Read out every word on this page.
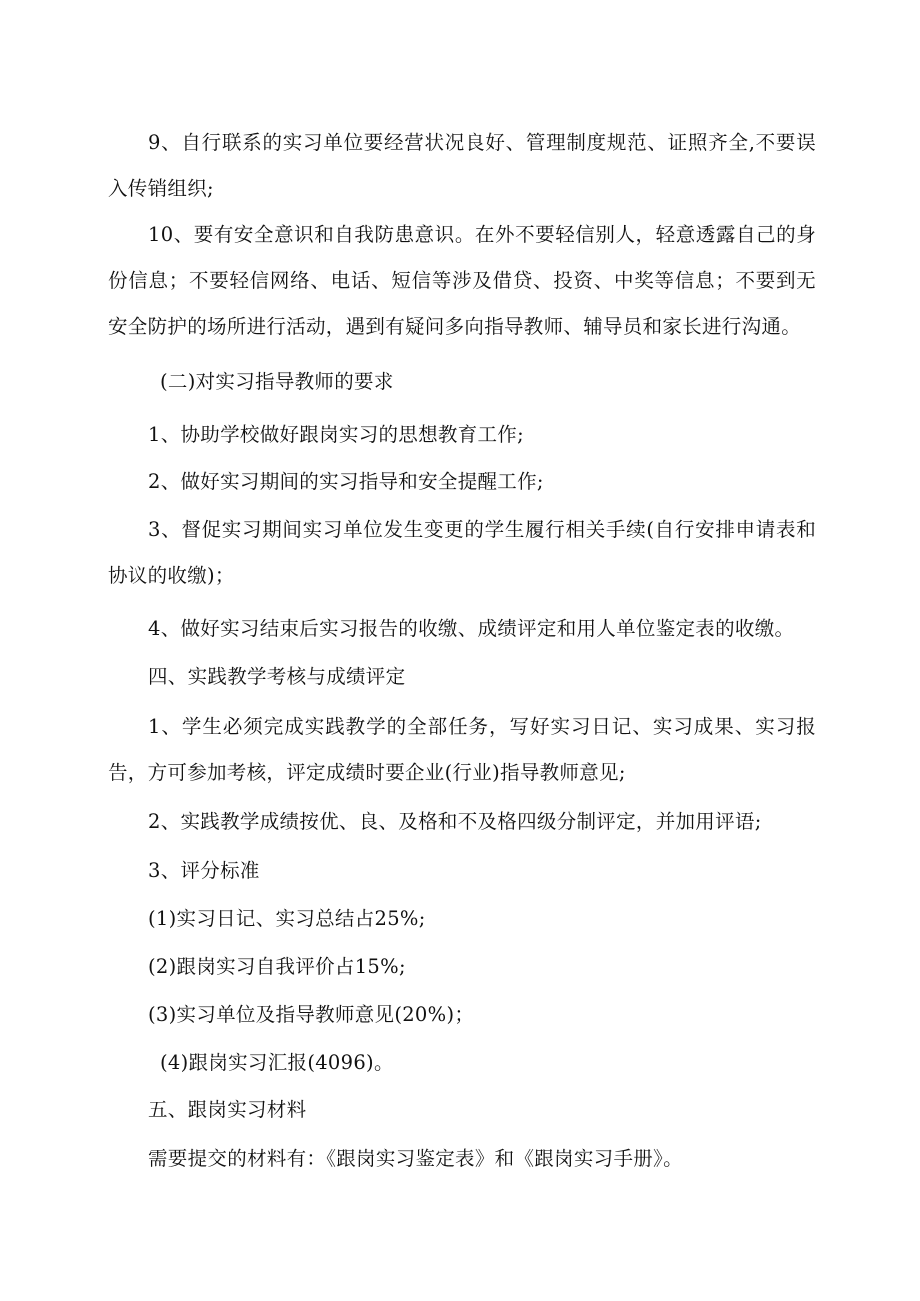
9、自行联系的实习单位要经营状况良好、管理制度规范、证照齐全,不要误入传销组织;

10、要有安全意识和自我防患意识。在外不要轻信别人，轻意透露自己的身份信息；不要轻信网络、电话、短信等涉及借贷、投资、中奖等信息；不要到无安全防护的场所进行活动，遇到有疑问多向指导教师、辅导员和家长进行沟通。

(二)对实习指导教师的要求

1、协助学校做好跟岗实习的思想教育工作;

2、做好实习期间的实习指导和安全提醒工作;

3、督促实习期间实习单位发生变更的学生履行相关手续(自行安排申请表和协议的收缴)；

4、做好实习结束后实习报告的收缴、成绩评定和用人单位鉴定表的收缴。

四、实践教学考核与成绩评定

1、学生必须完成实践教学的全部任务，写好实习日记、实习成果、实习报告，方可参加考核，评定成绩时要企业(行业)指导教师意见;

2、实践教学成绩按优、良、及格和不及格四级分制评定，并加用评语;

3、评分标准

(1)实习日记、实习总结占25%;

(2)跟岗实习自我评价占15%;

(3)实习单位及指导教师意见(20%)；

(4)跟岗实习汇报(4096)。

五、跟岗实习材料

需要提交的材料有：《跟岗实习鉴定表》和《跟岗实习手册》。
